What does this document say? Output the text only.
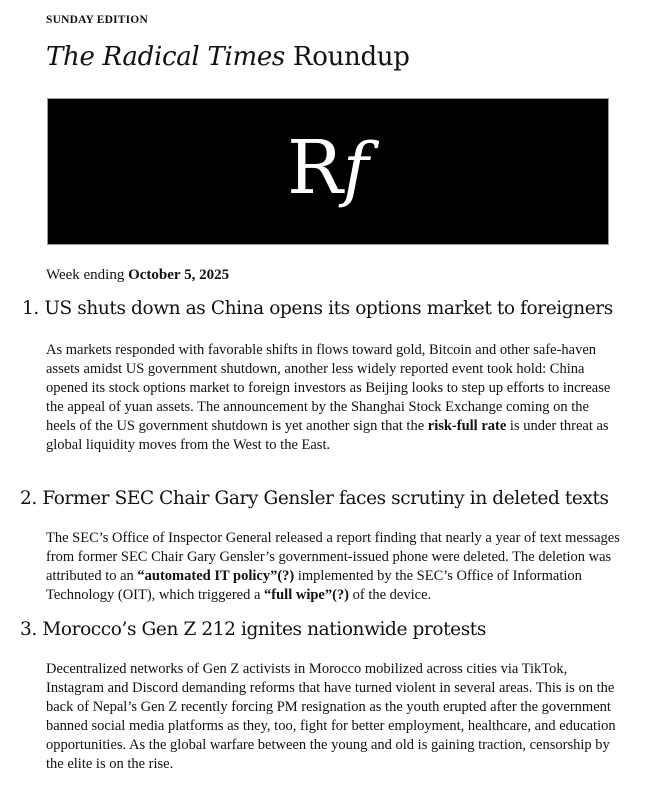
SUNDAY EDITION
The Radical Times Roundup
Rf
Week ending October 5, 2025
1. US shuts down as China opens its options market to foreigners
As markets responded with favorable shifts in flows toward gold, Bitcoin and other safe-haven assets amidst US government shutdown, another less widely reported event took hold: China opened its stock options market to foreign investors as Beijing looks to step up efforts to increase the appeal of yuan assets. The announcement by the Shanghai Stock Exchange coming on the heels of the US government shutdown is yet another sign that the risk-full rate is under threat as global liquidity moves from the West to the East.
2. Former SEC Chair Gary Gensler faces scrutiny in deleted texts
The SEC’s Office of Inspector General released a report finding that nearly a year of text messages from former SEC Chair Gary Gensler’s government-issued phone were deleted. The deletion was attributed to an “automated IT policy”(?) implemented by the SEC’s Office of Information Technology (OIT), which triggered a “full wipe”(?) of the device.
3. Morocco’s Gen Z 212 ignites nationwide protests
Decentralized networks of Gen Z activists in Morocco mobilized across cities via TikTok, Instagram and Discord demanding reforms that have turned violent in several areas. This is on the back of Nepal’s Gen Z recently forcing PM resignation as the youth erupted after the government banned social media platforms as they, too, fight for better employment, healthcare, and education opportunities. As the global warfare between the young and old is gaining traction, censorship by the elite is on the rise.
